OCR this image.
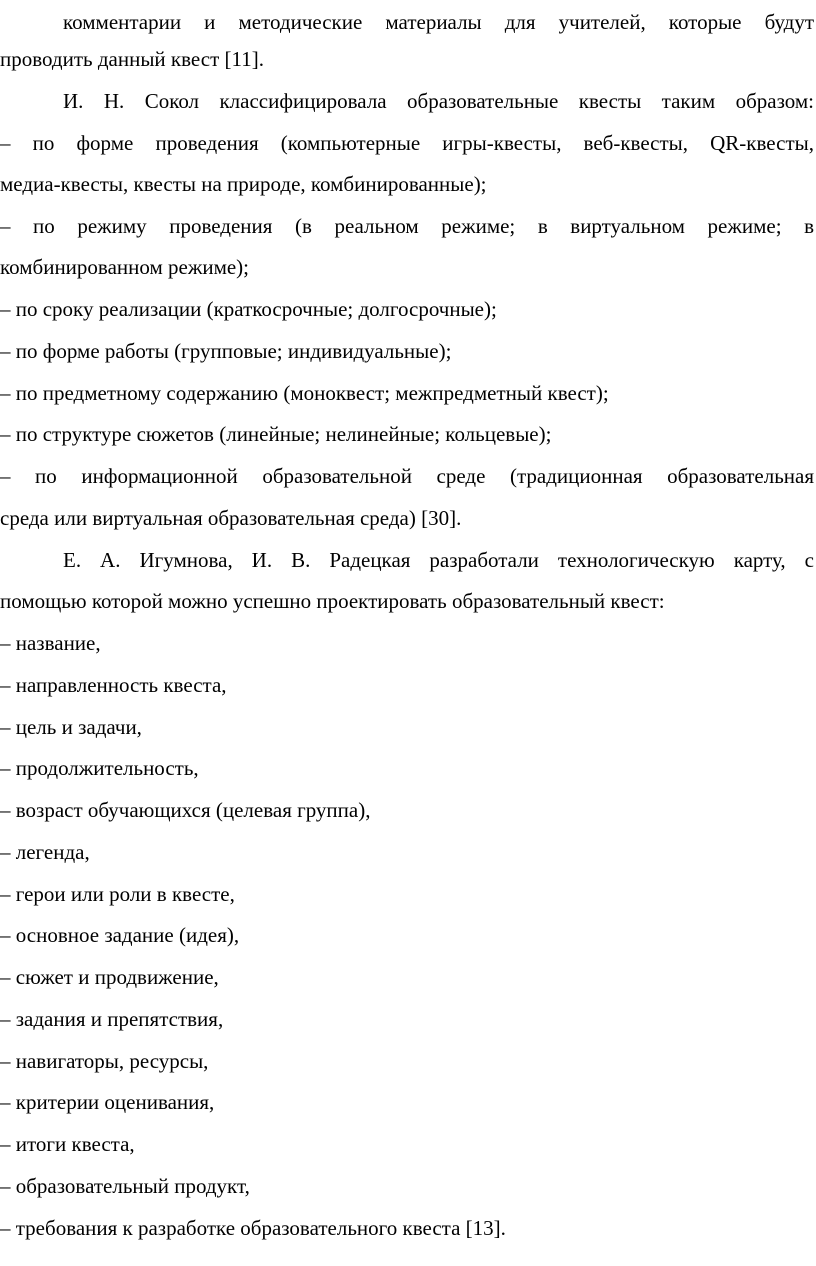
комментарии и методические материалы для учителей, которые будут
проводить данный квест [11].
И. Н. Сокол классифицировала образовательные квесты таким образом:
– по форме проведения (компьютерные игры-квесты, веб-квесты, QR-квесты,
медиа-квесты, квесты на природе, комбинированные);
– по режиму проведения (в реальном режиме; в виртуальном режиме; в
комбинированном режиме);
– по сроку реализации (краткосрочные; долгосрочные);
– по форме работы (групповые; индивидуальные);
– по предметному содержанию (моноквест; межпредметный квест);
– по структуре сюжетов (линейные; нелинейные; кольцевые);
– по информационной образовательной среде (традиционная образовательная
среда или виртуальная образовательная среда) [30].
Е. А. Игумнова, И. В. Радецкая разработали технологическую карту, с
помощью которой можно успешно проектировать образовательный квест:
– название,
– направленность квеста,
– цель и задачи,
– продолжительность,
– возраст обучающихся (целевая группа),
– легенда,
– герои или роли в квесте,
– основное задание (идея),
– сюжет и продвижение,
– задания и препятствия,
– навигаторы, ресурсы,
– критерии оценивания,
– итоги квеста,
– образовательный продукт,
– требования к разработке образовательного квеста [13].
